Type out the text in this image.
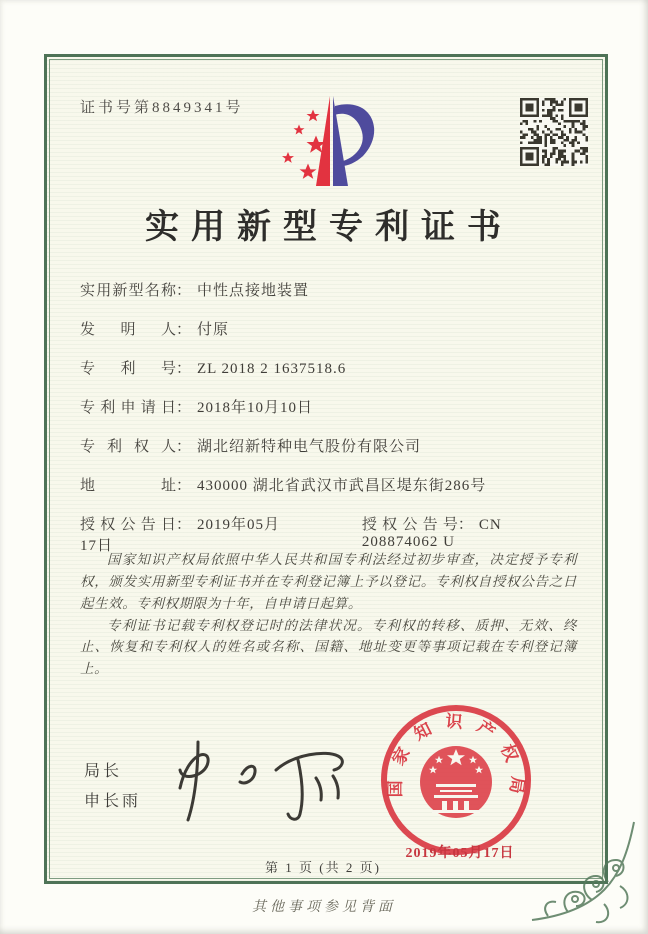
证书号第8849341号
实用新型专利证书
实用新型名称： 中性点接地装置
发明人： 付原
专利号： ZL 2018 2 1637518.6
专利申请日： 2018年10月10日
专利权人： 湖北绍新特种电气股份有限公司
地址： 430000 湖北省武汉市武昌区堤东街286号
授权公告日： 2019年05月17日
授权公告号： CN 208874062 U

国家知识产权局依照中华人民共和国专利法经过初步审查，决定授予专利权，颁发实用新型专利证书并在专利登记簿上予以登记。专利权自授权公告之日起生效。专利权期限为十年，自申请日起算。

专利证书记载专利权登记时的法律状况。专利权的转移、质押、无效、终止、恢复和专利权人的姓名或名称、国籍、地址变更等事项记载在专利登记簿上。

局长
申长雨
国家知识产权局
2019年05月17日
第 1 页 (共 2 页)
其他事项参见背面
